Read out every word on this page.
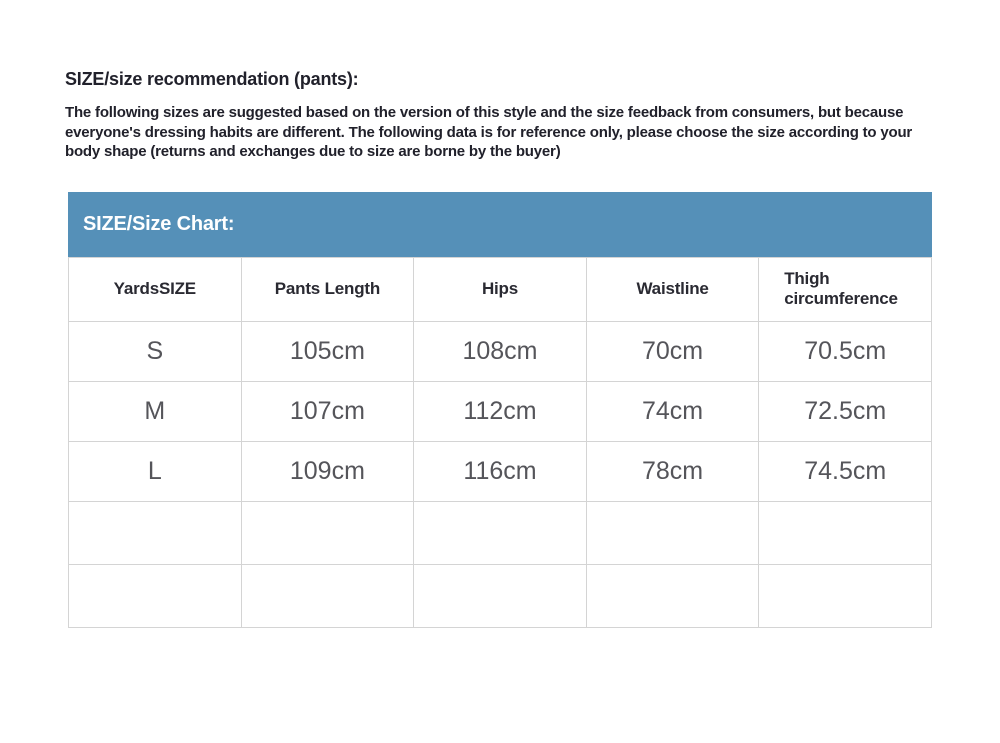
SIZE/size recommendation (pants):

The following sizes are suggested based on the version of this style and the size feedback from consumers, but because everyone's dressing habits are different. The following data is for reference only, please choose the size according to your body shape (returns and exchanges due to size are borne by the buyer)

SIZE/Size Chart:
YardsSIZE	Pants Length	Hips	Waistline	Thigh circumference
S	105cm	108cm	70cm	70.5cm
M	107cm	112cm	74cm	72.5cm
L	109cm	116cm	78cm	74.5cm
